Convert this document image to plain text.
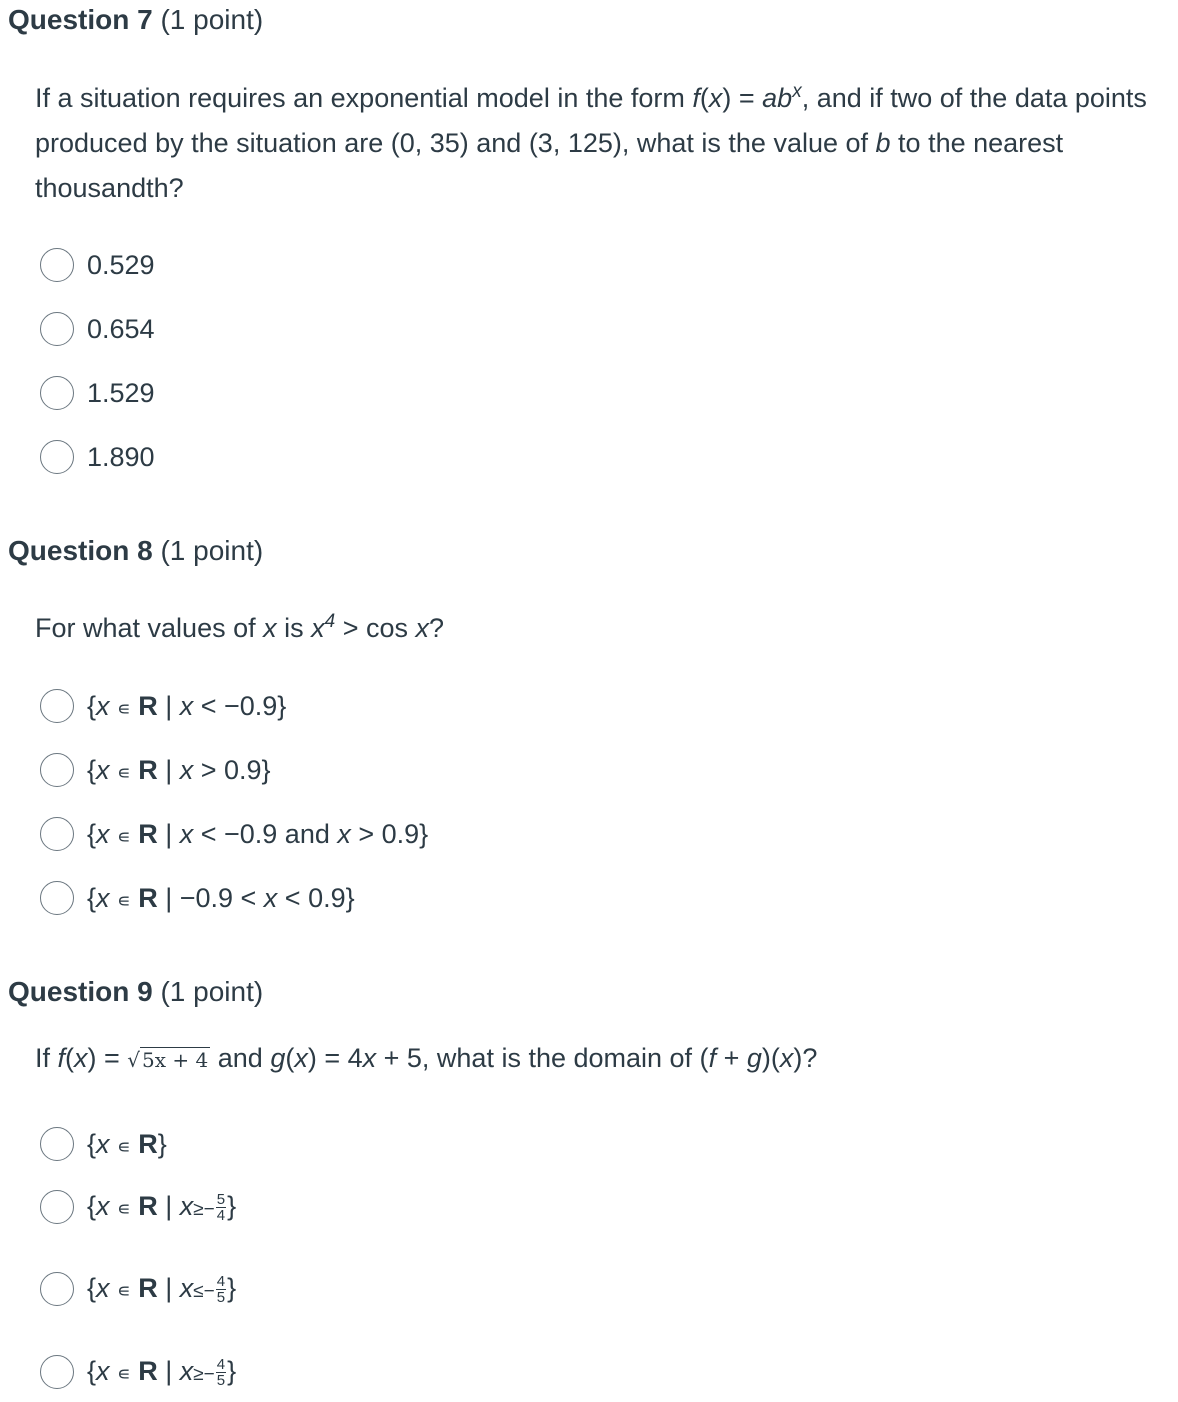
Question 7 (1 point)
If a situation requires an exponential model in the form $f(x) = ab^x$, and if two of the data points produced by the situation are (0, 35) and (3, 125), what is the value of b to the nearest thousandth?
0.529
0.654
1.529
1.890
Question 8 (1 point)
For what values of x is $x^4 > \cos x$?
{x ∊ R | x < −0.9}
{x ∊ R | x > 0.9}
{x ∊ R | x < −0.9 and x > 0.9}
{x ∊ R | −0.9 < x < 0.9}
Question 9 (1 point)
If f(x) = √ 5x + 4 and g(x) = 4x + 5, what is the domain of (f + g)(x)?
{x ∊ R}
{x ∊ R | $x\ge- \frac{5}{4}$ }
{x ∊ R | $x\le- \frac{4}{5}$ }
{x ∊ R | $x\ge- \frac{4}{5}$ }
